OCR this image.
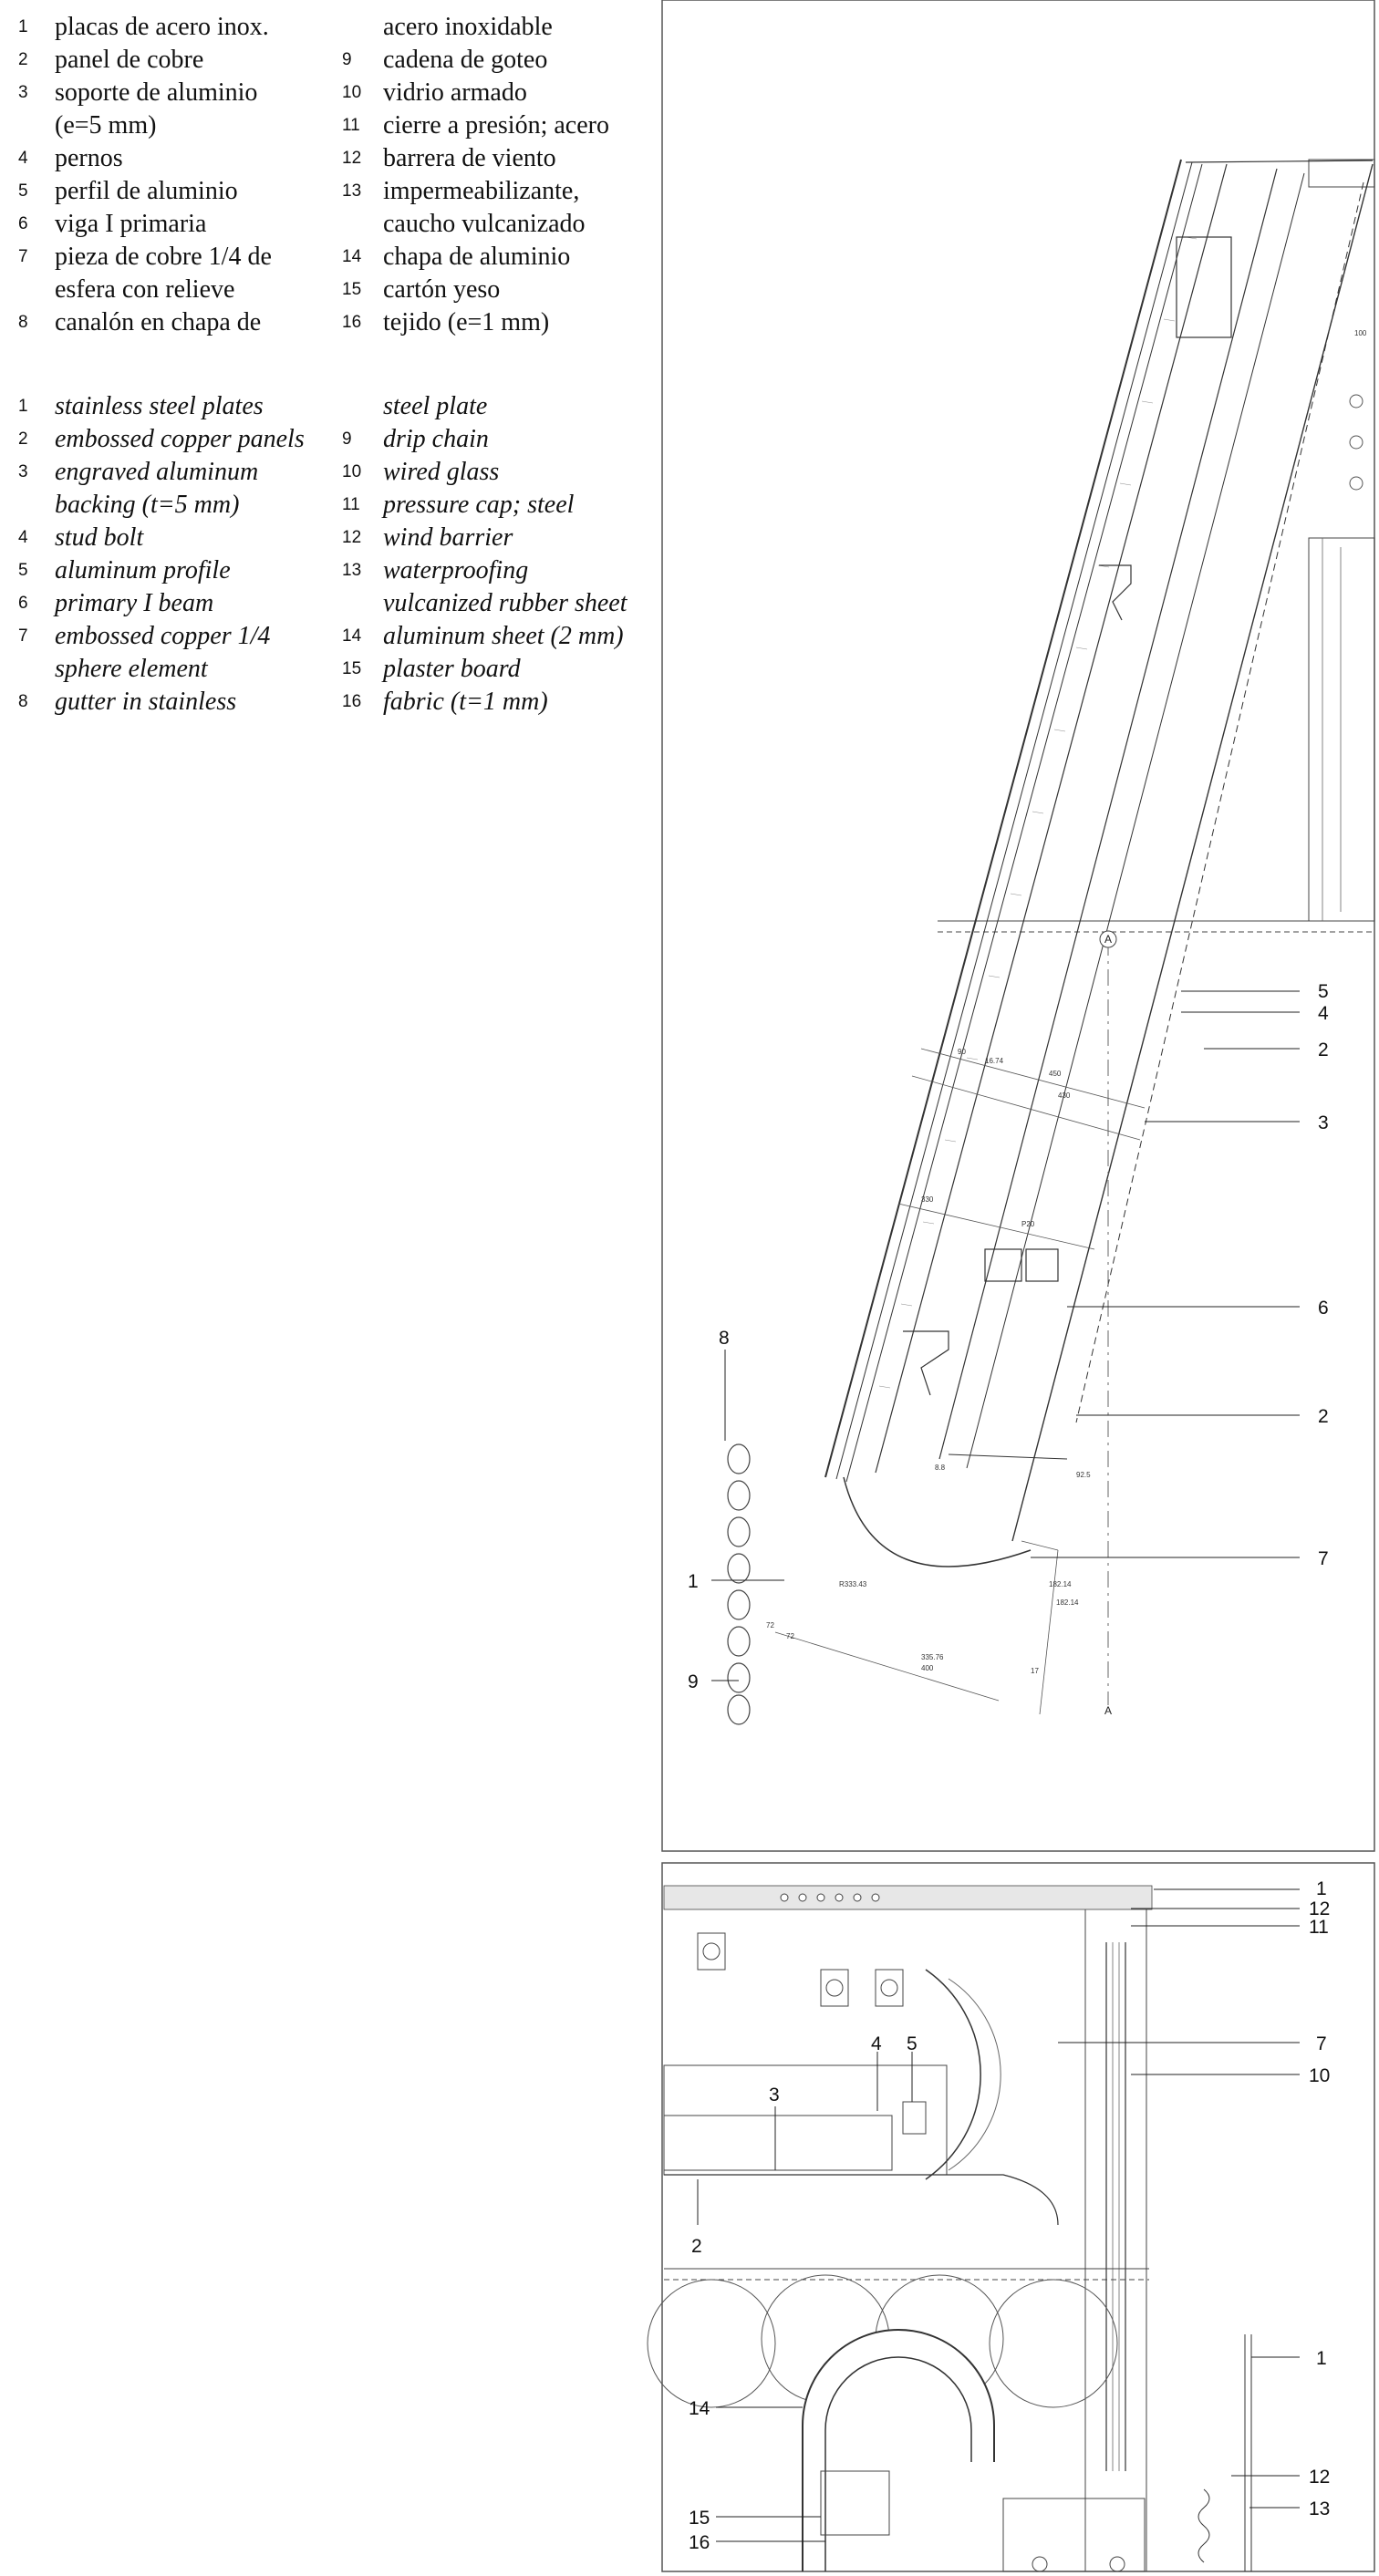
1	placas de acero inox.
2	panel de cobre
3	soporte de aluminio
(e=5 mm)
4	pernos
5	perfil de aluminio
6	viga I primaria
7	pieza de cobre 1/4 de
esfera con relieve
8	canalón en chapa de
acero inoxidable
9	cadena de goteo
10 vidrio armado
11 cierre a presión; acero
12 barrera de viento
13 impermeabilizante,
caucho vulcanizado
14 chapa de aluminio
15 cartón yeso
16 tejido (e=1 mm)
1	stainless steel plates
2	embossed copper panels
3	engraved aluminum
backing (t=5 mm)
4	stud bolt
5	aluminum profile
6	primary I beam
7	embossed copper 1/4
sphere element
8	gutter in stainless
steel plate
9	drip chain
10 wired glass
11 pressure cap; steel
12 wind barrier
13 waterproofing
vulcanized rubber sheet
14 aluminum sheet (2 mm)
15 plaster board
16 fabric (t=1 mm)
A
A
90
16.74
450
430
330
P20
335.76
400
182.14
182.14
R333.43
72
72
92.5
17
8.8
100
5
4
2
3
6
2
7
8
1
9
1
12
11
7
10
4 5
3
2
1
14
12
13
15
16
